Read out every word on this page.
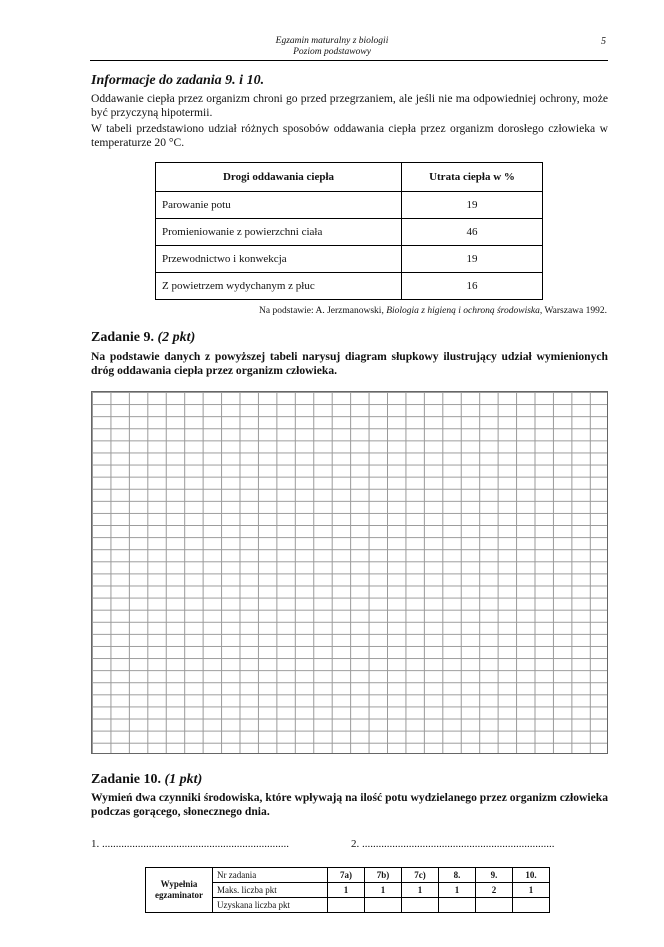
Egzamin maturalny z biologii
Poziom podstawowy
5
Informacje do zadania 9. i 10.
Oddawanie ciepła przez organizm chroni go przed przegrzaniem, ale jeśli nie ma odpowiedniej ochrony, może być przyczyną hipotermii.
W tabeli przedstawiono udział różnych sposobów oddawania ciepła przez organizm dorosłego człowieka w temperaturze 20 °C.
Drogi oddawania ciepła	Utrata ciepła w %
Parowanie potu	19
Promieniowanie z powierzchni ciała	46
Przewodnictwo i konwekcja	19
Z powietrzem wydychanym z płuc	16
Na podstawie: A. Jerzmanowski, Biologia z higieną i ochroną środowiska, Warszawa 1992.
Zadanie 9. (2 pkt)
Na podstawie danych z powyższej tabeli narysuj diagram słupkowy ilustrujący udział wymienionych dróg oddawania ciepła przez organizm człowieka.
Zadanie 10. (1 pkt)
Wymień dwa czynniki środowiska, które wpływają na ilość potu wydzielanego przez organizm człowieka podczas gorącego, słonecznego dnia.
1. ....................................................................	2. ......................................................................
Wypełnia egzaminator	Nr zadania	7a)	7b)	7c)	8.	9.	10.
	Maks. liczba pkt	1	1	1	1	2	1
	Uzyskana liczba pkt						
